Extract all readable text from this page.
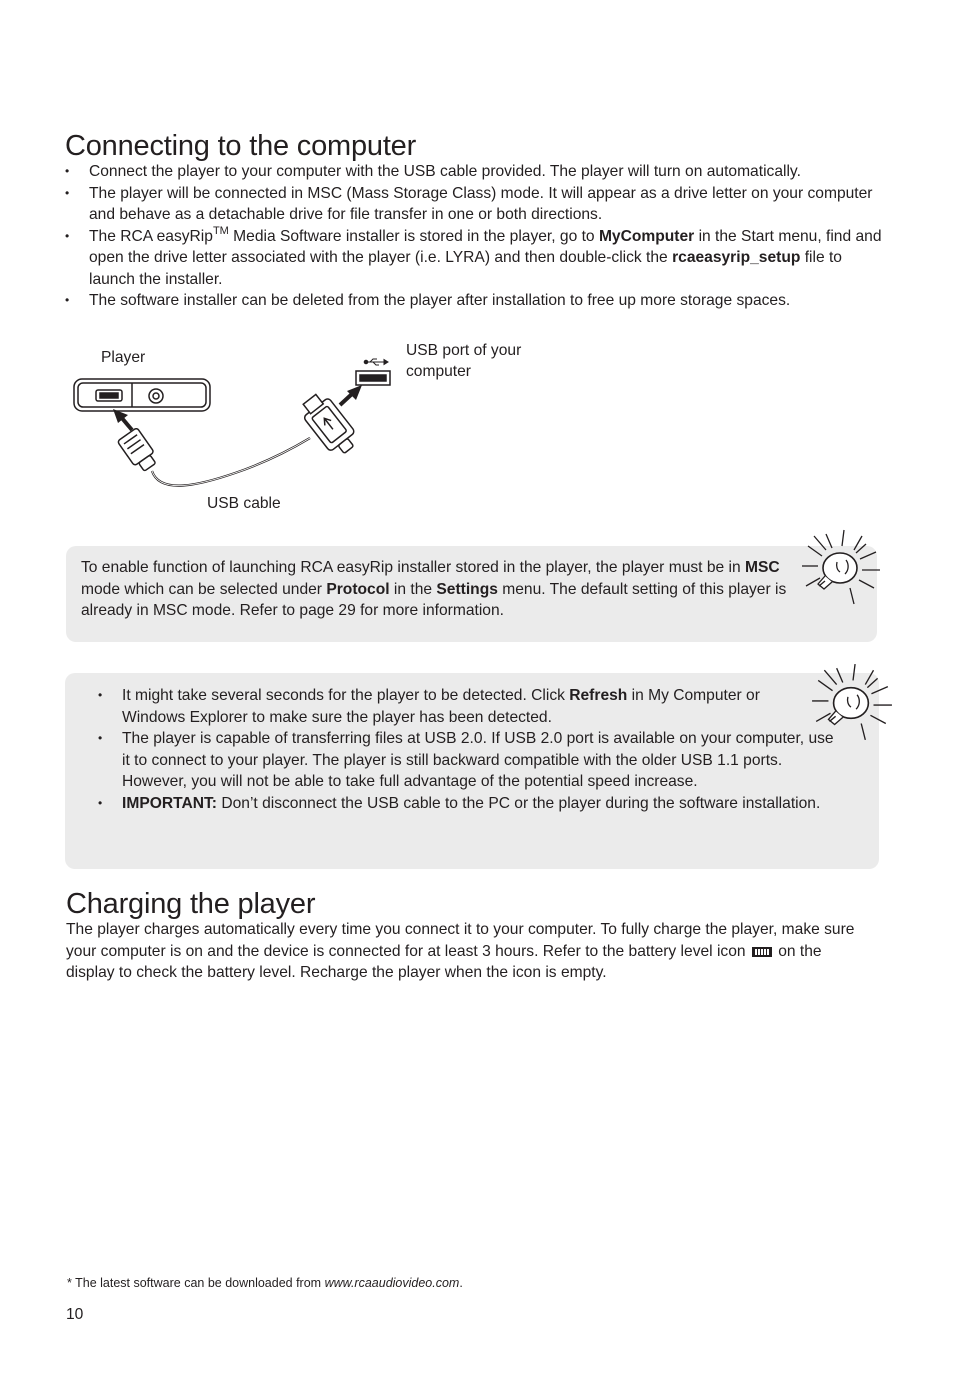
Connecting to the computer
• Connect the player to your computer with the USB cable provided. The player will turn on automatically.
• The player will be connected in MSC (Mass Storage Class) mode. It will appear as a drive letter on your computer and behave as a detachable drive for file transfer in one or both directions.
• The RCA easyRip™ Media Software installer is stored in the player, go to MyComputer in the Start menu, find and open the drive letter associated with the player (i.e. LYRA) and then double-click the rcaeasyrip_setup file to launch the installer.
• The software installer can be deleted from the player after installation to free up more storage spaces.
Player	USB port of your computer
USB cable

To enable function of launching RCA easyRip installer stored in the player, the player must be in MSC mode which can be selected under Protocol in the Settings menu. The default setting of this player is already in MSC mode. Refer to page 29 for more information.

• It might take several seconds for the player to be detected. Click Refresh in My Computer or Windows Explorer to make sure the player has been detected.
• The player is capable of transferring files at USB 2.0. If USB 2.0 port is available on your computer, use it to connect to your player. The player is still backward compatible with the older USB 1.1 ports. However, you will not be able to take full advantage of the potential speed increase.
• IMPORTANT: Don’t disconnect the USB cable to the PC or the player during the software installation.
Charging the player

The player charges automatically every time you connect it to your computer. To fully charge the player, make sure your computer is on and the device is connected for at least 3 hours. Refer to the battery level icon  on the display to check the battery level. Recharge the player when the icon is empty.

* The latest software can be downloaded from www.rcaaudiovideo.com.

10
